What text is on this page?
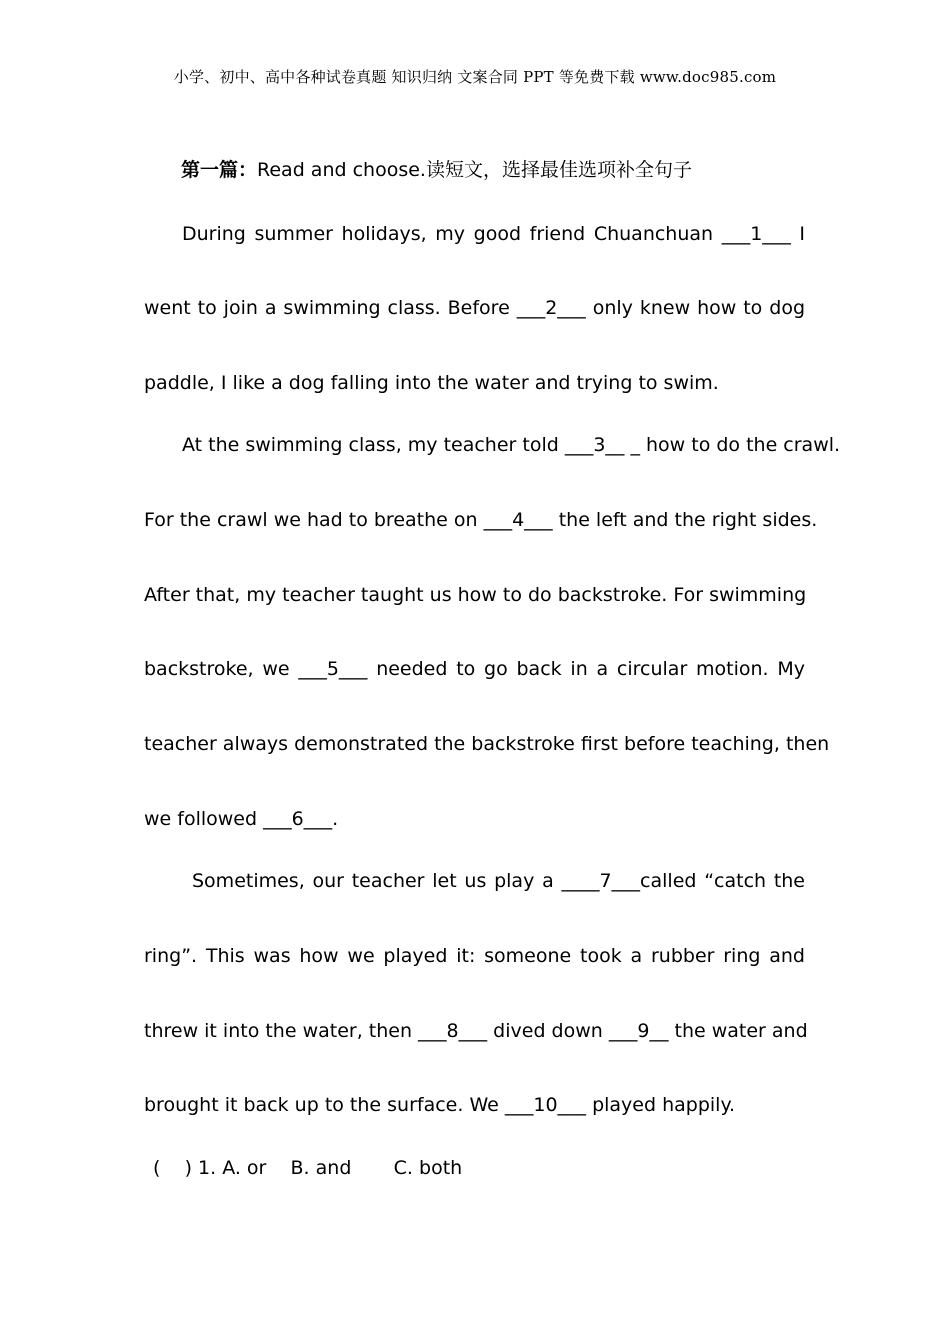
小学、初中、高中各种试卷真题 知识归纳 文案合同 PPT 等免费下载 www.doc985.com
第一篇：Read and choose.读短文，选择最佳选项补全句子
During summer holidays, my good friend Chuanchuan ___1___ I
went to join a swimming class. Before ___2___ only knew how to dog
paddle, I like a dog falling into the water and trying to swim.
At the swimming class, my teacher told ___3__ _ how to do the crawl.
For the crawl we had to breathe on ___4___ the left and the right sides.
After that, my teacher taught us how to do backstroke. For swimming
backstroke, we ___5___ needed to go back in a circular motion. My
teacher always demonstrated the backstroke first before teaching, then
we followed ___6___.
Sometimes, our teacher let us play a ____7___called “catch the
ring”. This was how we played it: someone took a rubber ring and
threw it into the water, then ___8___ dived down ___9__ the water and
brought it back up to the surface. We ___10___ played happily.
(    ) 1. A. or    B. and       C. both
